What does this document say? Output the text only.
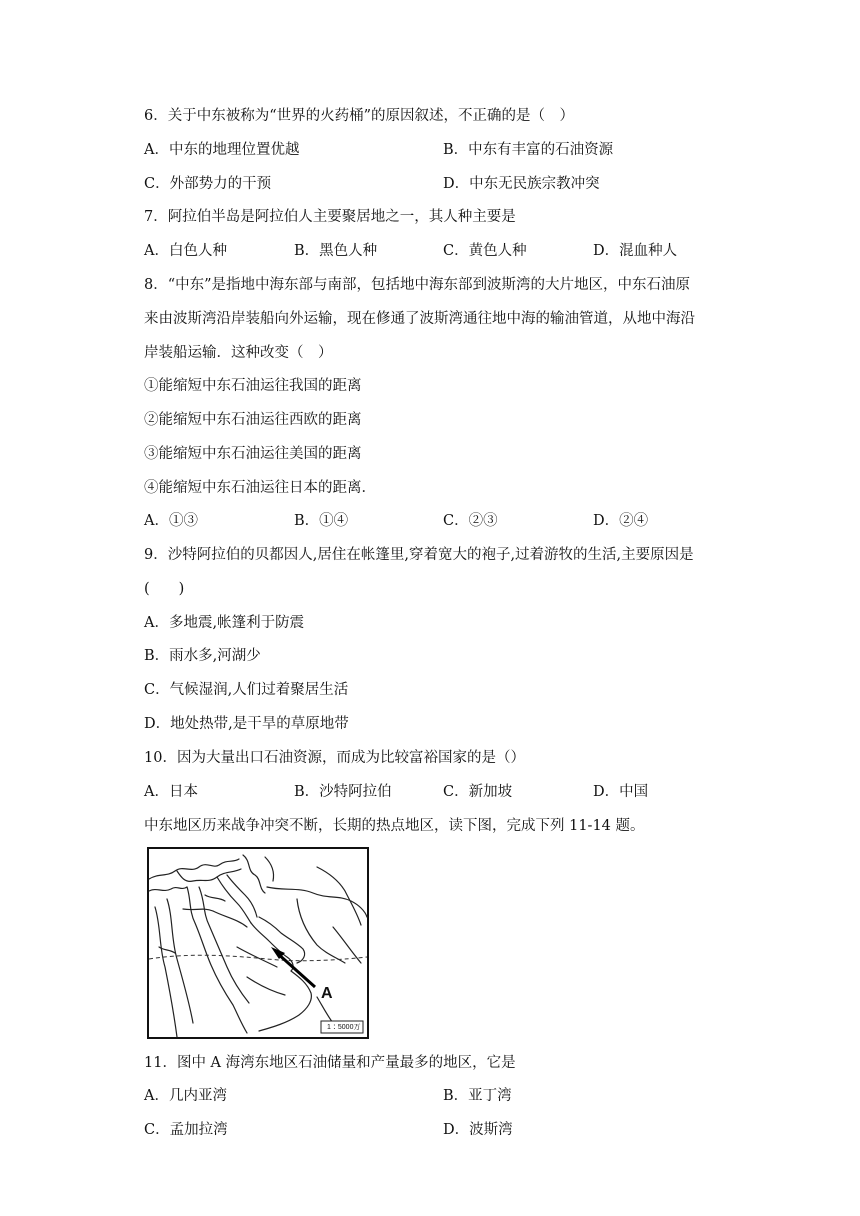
6．关于中东被称为“世界的火药桶”的原因叙述，不正确的是（　）
A．中东的地理位置优越	B．中东有丰富的石油资源
C．外部势力的干预	D．中东无民族宗教冲突
7．阿拉伯半岛是阿拉伯人主要聚居地之一，其人种主要是
A．白色人种	B．黑色人种	C．黄色人种	D．混血种人
8．“中东”是指地中海东部与南部，包括地中海东部到波斯湾的大片地区，中东石油原
来由波斯湾沿岸装船向外运输，现在修通了波斯湾通往地中海的输油管道，从地中海沿
岸装船运输．这种改变（　）
①能缩短中东石油运往我国的距离
②能缩短中东石油运往西欧的距离
③能缩短中东石油运往美国的距离
④能缩短中东石油运往日本的距离．
A．①③	B．①④	C．②③	D．②④
9．沙特阿拉伯的贝都因人,居住在帐篷里,穿着宽大的袍子,过着游牧的生活,主要原因是
(　　)
A．多地震,帐篷利于防震
B．雨水多,河湖少
C．气候湿润,人们过着聚居生活
D．地处热带,是干旱的草原地带
10．因为大量出口石油资源，而成为比较富裕国家的是（）
A．日本	B．沙特阿拉伯	C．新加坡	D．中国
中东地区历来战争冲突不断，长期的热点地区，读下图，完成下列 11-14 题。
A
1∶5000万
11．图中 A 海湾东地区石油储量和产量最多的地区，它是
A．几内亚湾	B．亚丁湾
C．孟加拉湾	D．波斯湾
